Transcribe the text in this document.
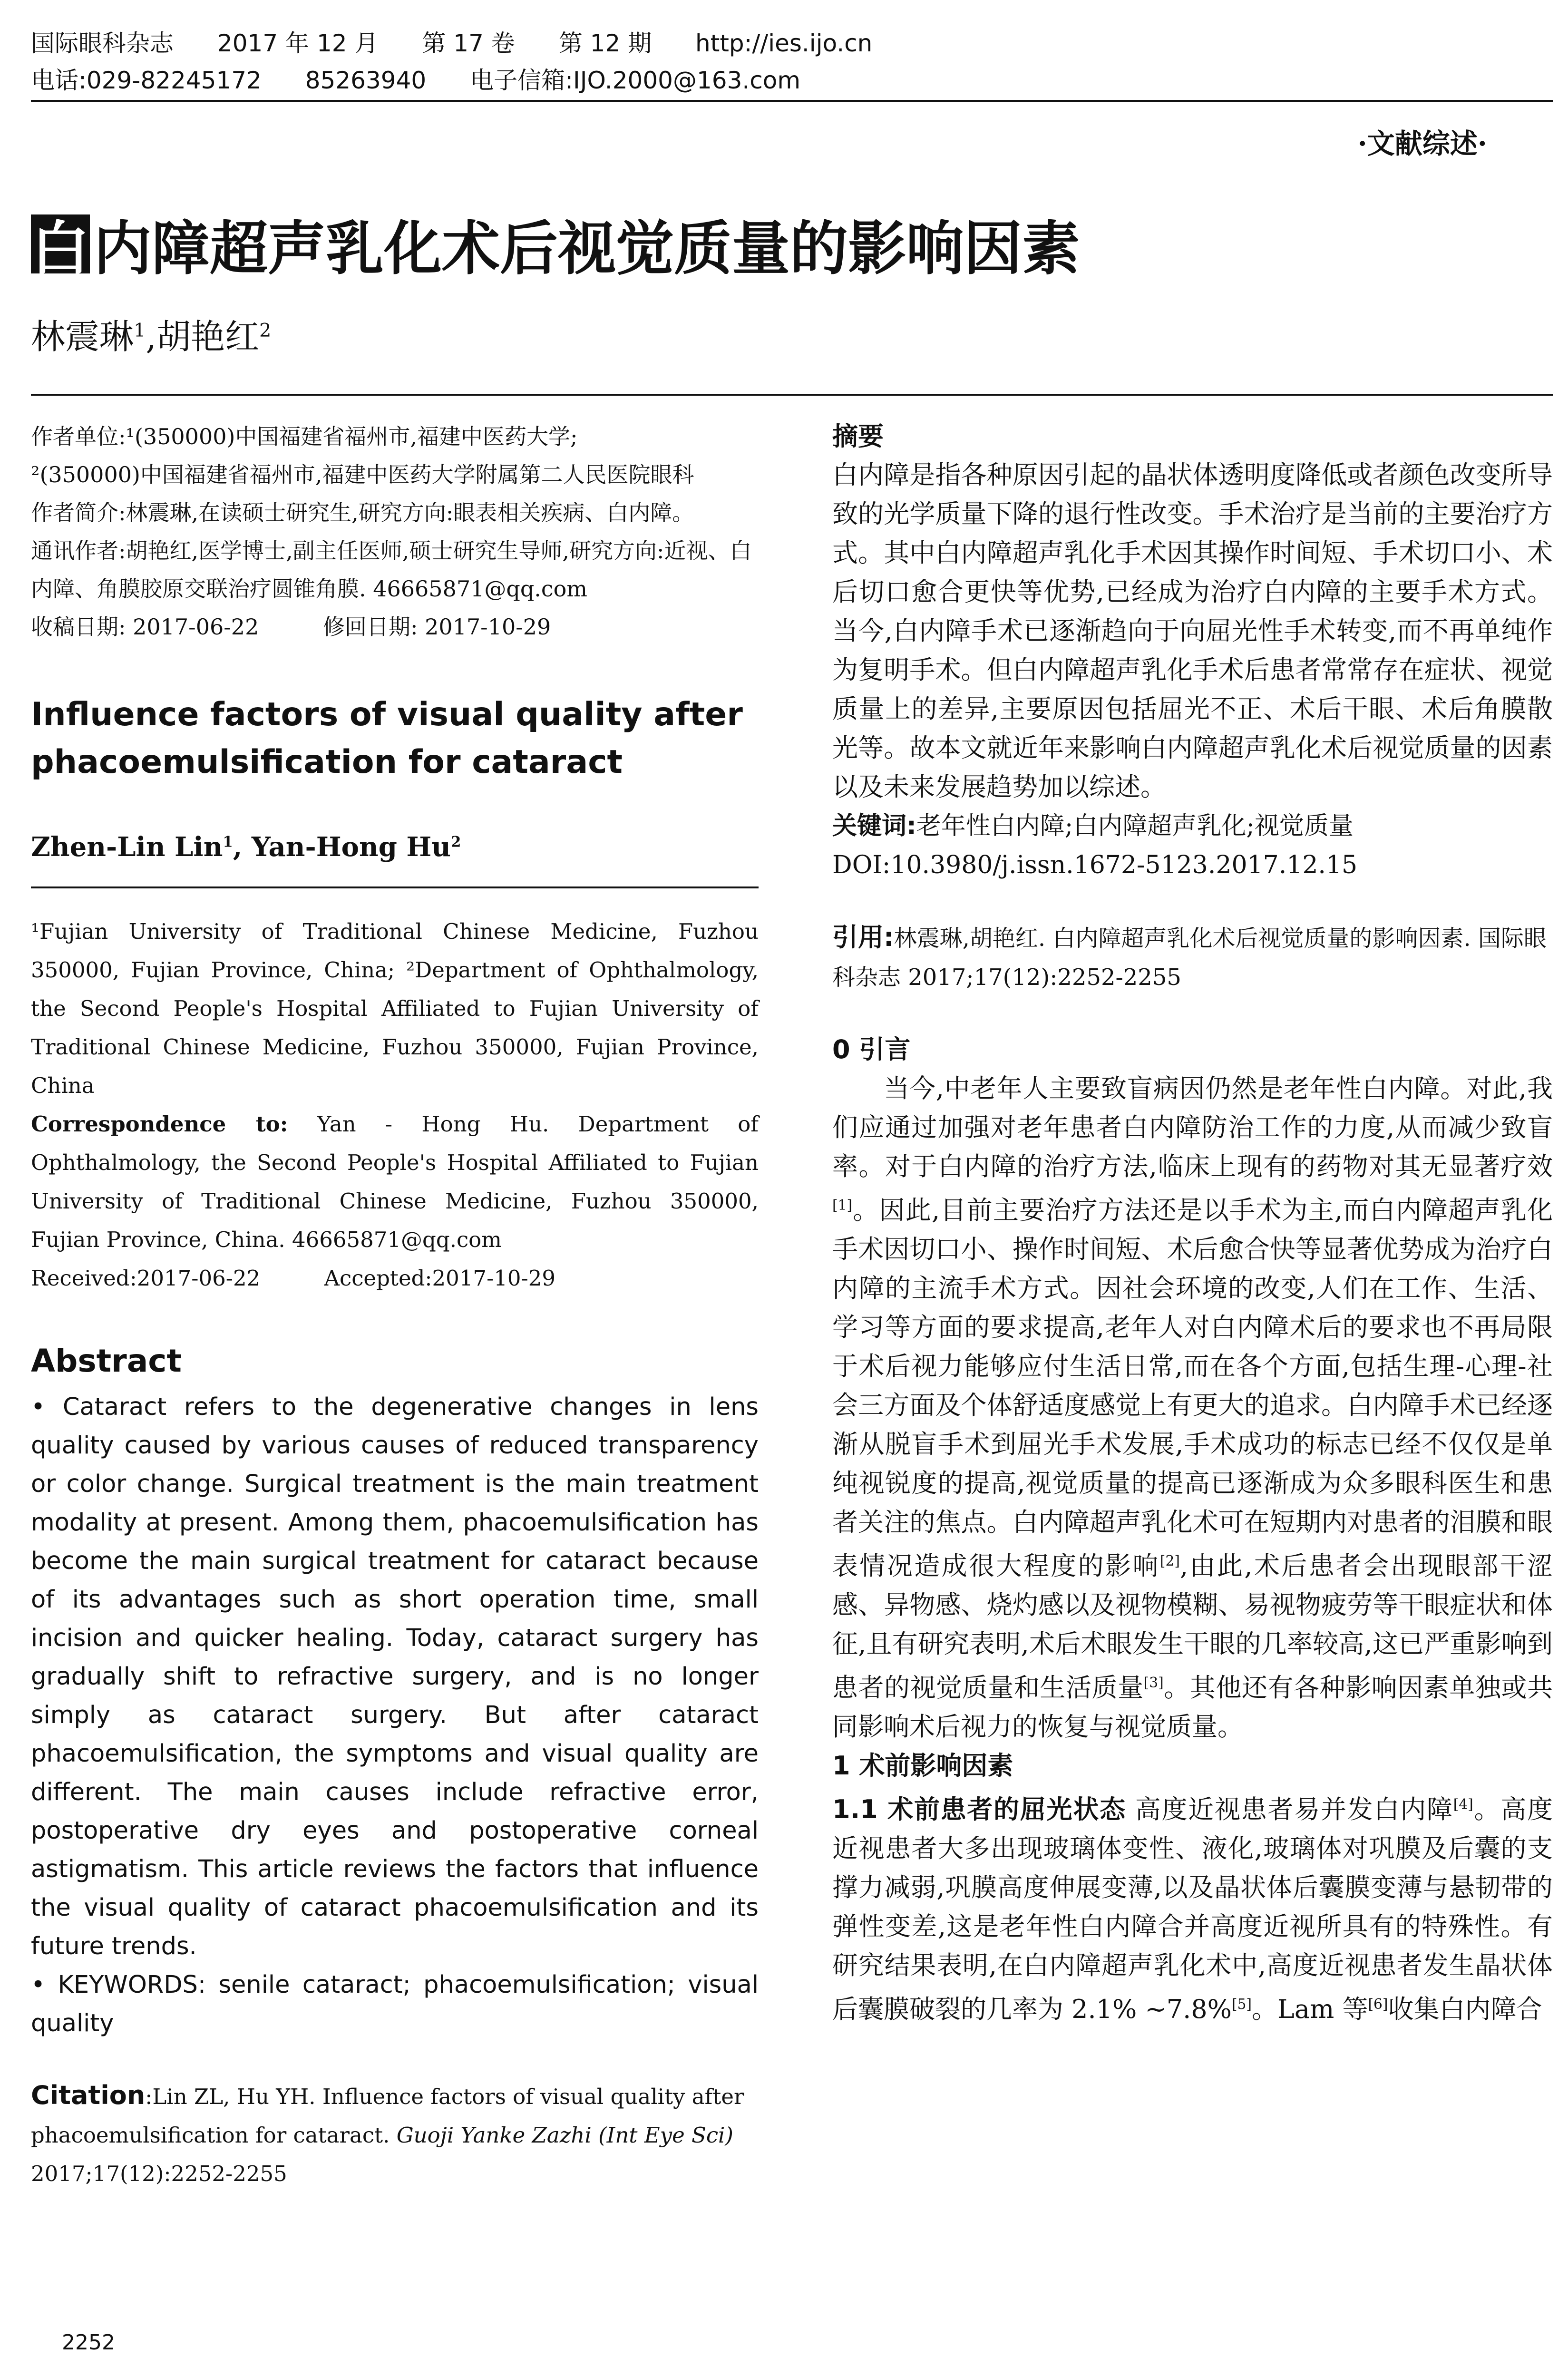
国际眼科杂志 2017 年 12 月 第 17 卷 第 12 期 http://ies.ijo.cn
电话:029-82245172 85263940 电子信箱:IJO.2000@163.com
·文献综述·
白 内障超声乳化术后视觉质量的影响因素
林震琳$^1$,胡艳红$^2$

作者单位:¹(350000)中国福建省福州市,福建中医药大学;

²(350000)中国福建省福州市,福建中医药大学附属第二人民医院眼科

作者简介:林震琳,在读硕士研究生,研究方向:眼表相关疾病、白内障。

通讯作者:胡艳红,医学博士,副主任医师,硕士研究生导师,研究方向:近视、白内障、角膜胶原交联治疗圆锥角膜. 46665871@qq.com

收稿日期: 2017-06-22	修回日期: 2017-10-29

Influence factors of visual quality after phacoemulsification for cataract
Zhen-Lin Lin$^1$, Yan-Hong Hu$^2$

¹Fujian University of Traditional Chinese Medicine, Fuzhou 350000, Fujian Province, China; ²Department of Ophthalmology, the Second People's Hospital Affiliated to Fujian University of Traditional Chinese Medicine, Fuzhou 350000, Fujian Province, China

Correspondence to: Yan - Hong Hu. Department of Ophthalmology, the Second People's Hospital Affiliated to Fujian University of Traditional Chinese Medicine, Fuzhou 350000, Fujian Province, China. 46665871@qq.com

Received:2017-06-22	Accepted:2017-10-29

Abstract

• Cataract refers to the degenerative changes in lens quality caused by various causes of reduced transparency or color change. Surgical treatment is the main treatment modality at present. Among them, phacoemulsification has become the main surgical treatment for cataract because of its advantages such as short operation time, small incision and quicker healing. Today, cataract surgery has gradually shift to refractive surgery, and is no longer simply as cataract surgery. But after cataract phacoemulsification, the symptoms and visual quality are different. The main causes include refractive error, postoperative dry eyes and postoperative corneal astigmatism. This article reviews the factors that influence the visual quality of cataract phacoemulsification and its future trends.

• KEYWORDS: senile cataract; phacoemulsification; visual quality

Citation:Lin ZL, Hu YH. Influence factors of visual quality after phacoemulsification for cataract. Guoji Yanke Zazhi (Int Eye Sci) 2017;17(12):2252-2255
摘要

白内障是指各种原因引起的晶状体透明度降低或者颜色改变所导致的光学质量下降的退行性改变。手术治疗是当前的主要治疗方式。其中白内障超声乳化手术因其操作时间短、手术切口小、术后切口愈合更快等优势,已经成为治疗白内障的主要手术方式。当今,白内障手术已逐渐趋向于向屈光性手术转变,而不再单纯作为复明手术。但白内障超声乳化手术后患者常常存在症状、视觉质量上的差异,主要原因包括屈光不正、术后干眼、术后角膜散光等。故本文就近年来影响白内障超声乳化术后视觉质量的因素以及未来发展趋势加以综述。

关键词:老年性白内障;白内障超声乳化;视觉质量
DOI:10.3980/j.issn.1672-5123.2017.12.15
引用:林震琳,胡艳红. 白内障超声乳化术后视觉质量的影响因素. 国际眼科杂志 2017;17(12):2252-2255
0 引言

当今,中老年人主要致盲病因仍然是老年性白内障。对此,我们应通过加强对老年患者白内障防治工作的力度,从而减少致盲率。对于白内障的治疗方法,临床上现有的药物对其无显著疗效[1]。因此,目前主要治疗方法还是以手术为主,而白内障超声乳化手术因切口小、操作时间短、术后愈合快等显著优势成为治疗白内障的主流手术方式。因社会环境的改变,人们在工作、生活、学习等方面的要求提高,老年人对白内障术后的要求也不再局限于术后视力能够应付生活日常,而在各个方面,包括生理-心理-社会三方面及个体舒适度感觉上有更大的追求。白内障手术已经逐渐从脱盲手术到屈光手术发展,手术成功的标志已经不仅仅是单纯视锐度的提高,视觉质量的提高已逐渐成为众多眼科医生和患者关注的焦点。白内障超声乳化术可在短期内对患者的泪膜和眼表情况造成很大程度的影响[2],由此,术后患者会出现眼部干涩感、异物感、烧灼感以及视物模糊、易视物疲劳等干眼症状和体征,且有研究表明,术后术眼发生干眼的几率较高,这已严重影响到患者的视觉质量和生活质量[3]。其他还有各种影响因素单独或共同影响术后视力的恢复与视觉质量。

1 术前影响因素

1.1 术前患者的屈光状态 高度近视患者易并发白内障[4]。高度近视患者大多出现玻璃体变性、液化,玻璃体对巩膜及后囊的支撑力减弱,巩膜高度伸展变薄,以及晶状体后囊膜变薄与悬韧带的弹性变差,这是老年性白内障合并高度近视所具有的特殊性。有研究结果表明,在白内障超声乳化术中,高度近视患者发生晶状体后囊膜破裂的几率为 2.1% ~7.8%[5]。Lam 等[6]收集白内障合

2252
